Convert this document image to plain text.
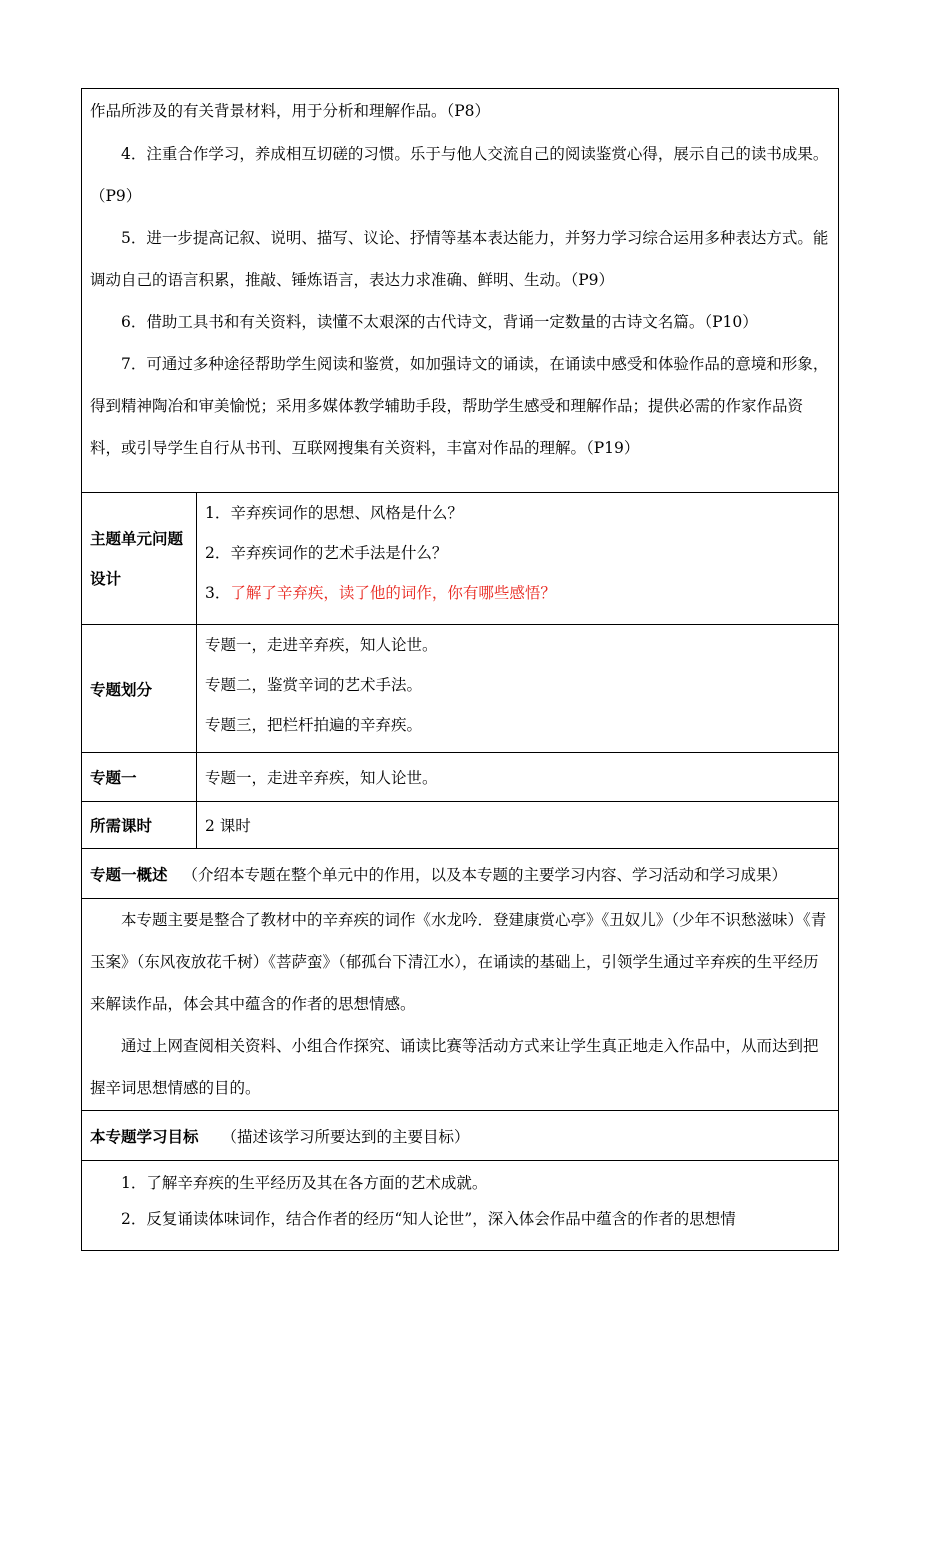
作品所涉及的有关背景材料，用于分析和理解作品。（P8）

4．注重合作学习，养成相互切磋的习惯。乐于与他人交流自己的阅读鉴赏心得，展示自己的读书成果。（P9）

5．进一步提高记叙、说明、描写、议论、抒情等基本表达能力，并努力学习综合运用多种表达方式。能调动自己的语言积累，推敲、锤炼语言，表达力求准确、鲜明、生动。（P9）

6．借助工具书和有关资料，读懂不太艰深的古代诗文，背诵一定数量的古诗文名篇。（P10）

7．可通过多种途径帮助学生阅读和鉴赏，如加强诗文的诵读，在诵读中感受和体验作品的意境和形象，得到精神陶冶和审美愉悦；采用多媒体教学辅助手段，帮助学生感受和理解作品；提供必需的作家作品资料，或引导学生自行从书刊、互联网搜集有关资料，丰富对作品的理解。（P19）	

主题单元问题设计	1．辛弃疾词作的思想、风格是什么？

2．辛弃疾词作的艺术手法是什么？

3．了解了辛弃疾，读了他的词作，你有哪些感悟？

专题划分	专题一，走进辛弃疾，知人论世。

专题二，鉴赏辛词的艺术手法。

专题三，把栏杆拍遍的辛弃疾。

专题一	专题一，走进辛弃疾，知人论世。

所需课时	2 课时

专题一概述 （介绍本专题在整个单元中的作用，以及本专题的主要学习内容、学习活动和学习成果）	

本专题主要是整合了教材中的辛弃疾的词作《水龙吟．登建康赏心亭》《丑奴儿》（少年不识愁滋味）《青玉案》（东风夜放花千树）《菩萨蛮》（郁孤台下清江水），在诵读的基础上，引领学生通过辛弃疾的生平经历来解读作品，体会其中蕴含的作者的思想情感。

通过上网查阅相关资料、小组合作探究、诵读比赛等活动方式来让学生真正地走入作品中，从而达到把握辛词思想情感的目的。	

本专题学习目标 （描述该学习所要达到的主要目标）	

1．了解辛弃疾的生平经历及其在各方面的艺术成就。

2．反复诵读体味词作，结合作者的经历“知人论世”，深入体会作品中蕴含的作者的思想情	
